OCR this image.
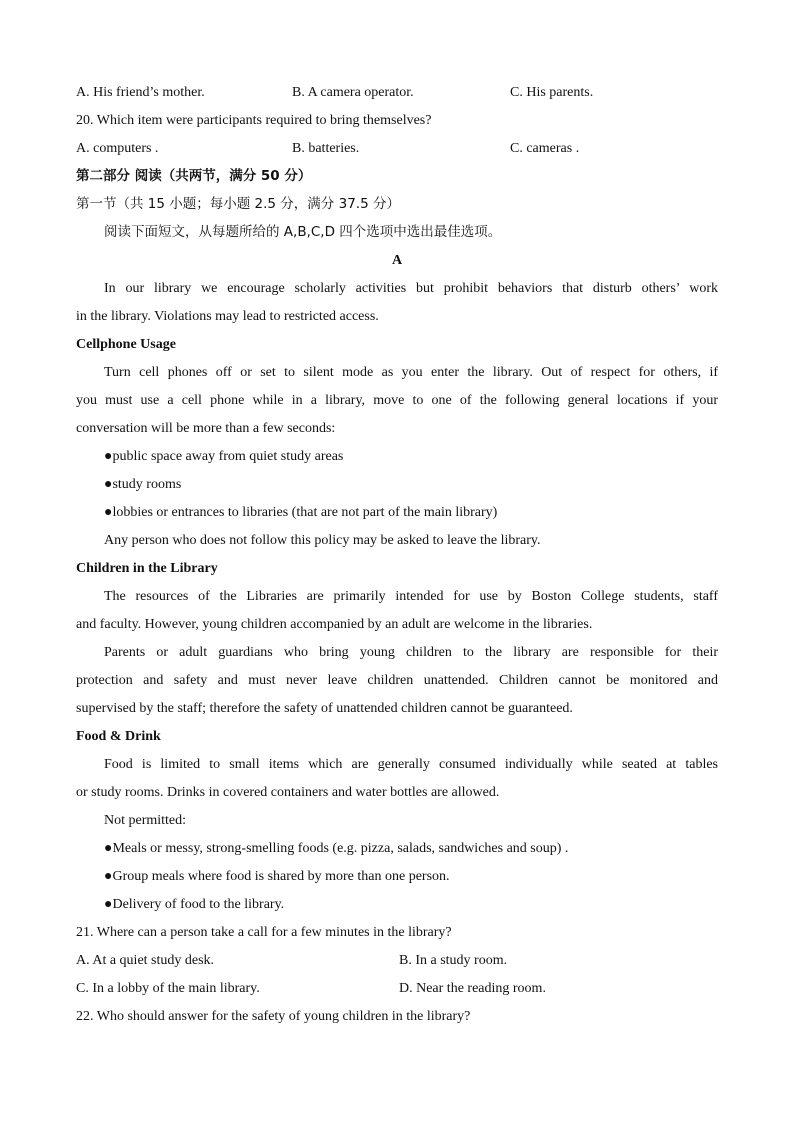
A. His friend’s mother.	B. A camera operator.	C. His parents.
20. Which item were participants required to bring themselves?
A. computers .	B. batteries.	C. cameras .
第二部分 阅读（共两节，满分 50 分）
第一节（共 15 小题；每小题 2.5 分，满分 37.5 分）
阅读下面短文，从每题所给的 A,B,C,D 四个选项中选出最佳选项。
A
In our library we encourage scholarly activities but prohibit behaviors that disturb others’ work
in the library. Violations may lead to restricted access.
Cellphone Usage
Turn cell phones off or set to silent mode as you enter the library. Out of respect for others, if
you must use a cell phone while in a library, move to one of the following general locations if your
conversation will be more than a few seconds:
●public space away from quiet study areas
●study rooms
●lobbies or entrances to libraries (that are not part of the main library)
Any person who does not follow this policy may be asked to leave the library.
Children in the Library
The resources of the Libraries are primarily intended for use by Boston College students, staff
and faculty. However, young children accompanied by an adult are welcome in the libraries.
Parents or adult guardians who bring young children to the library are responsible for their
protection and safety and must never leave children unattended. Children cannot be monitored and
supervised by the staff; therefore the safety of unattended children cannot be guaranteed.
Food & Drink
Food is limited to small items which are generally consumed individually while seated at tables
or study rooms. Drinks in covered containers and water bottles are allowed.
Not permitted:
●Meals or messy, strong-smelling foods (e.g. pizza, salads, sandwiches and soup) .
●Group meals where food is shared by more than one person.
●Delivery of food to the library.
21. Where can a person take a call for a few minutes in the library?
A. At a quiet study desk.	B. In a study room.
C. In a lobby of the main library.	D. Near the reading room.
22. Who should answer for the safety of young children in the library?
